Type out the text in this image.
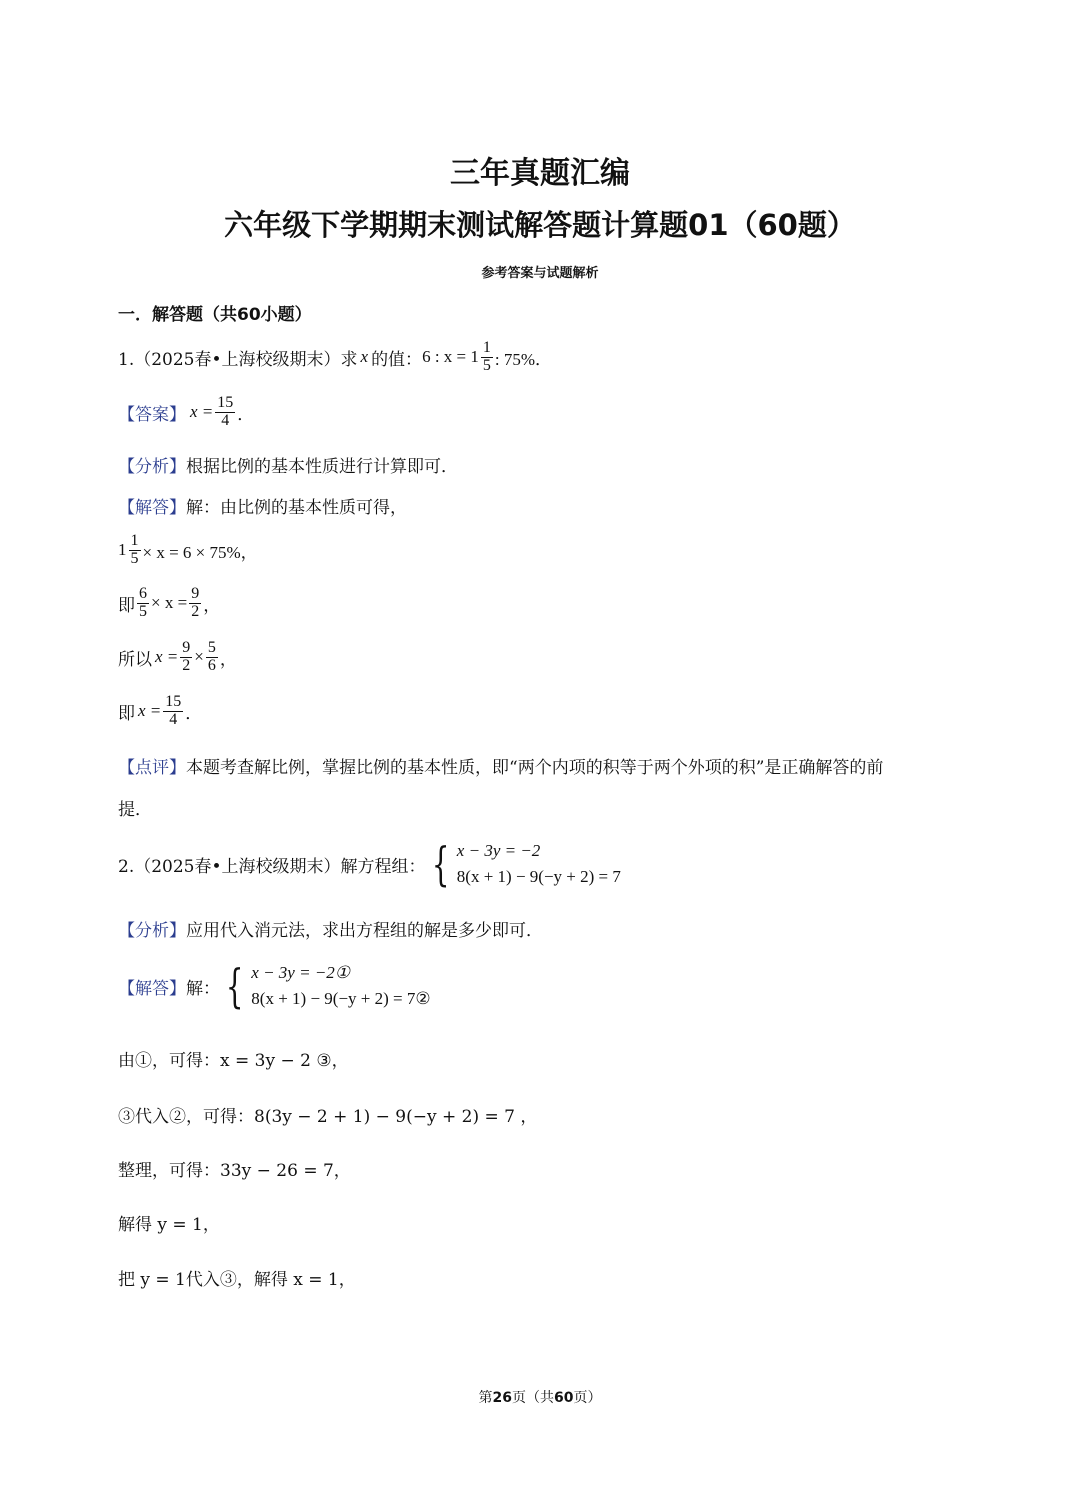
三年真题汇编
六年级下学期期末测试解答题计算题01（60题）
参考答案与试题解析
一．解答题（共60小题）
1.（2025春•上海校级期末）求 x 的值： 6 : $x = 1 \frac{1}{5}$ : 75%．
【答案】 $x = \frac{15}{4}$ ．
【分析】 根据比例的基本性质进行计算即可．
【解答】 解：由比例的基本性质可得，
$1 \frac{1}{5} \times x = 6 \times 75\%$，
即 $\frac{6}{5} \times x = \frac{9}{2}$ ，
所以 $x = \frac{9}{2} \times \frac{5}{6}$ ，
即 $x = \frac{15}{4}$ ．
【点评】 本题考查解比例，掌握比例的基本性质，即“两个内项的积等于两个外项的积”是正确解答的前
提．
2.（2025春•上海校级期末）解方程组： { x − 3y = −2
8(x + 1) − 9(−y + 2) = 7
【分析】 应用代入消元法，求出方程组的解是多少即可．
【解答】 解： { x − 3y = −2①
8(x + 1) − 9(−y + 2) = 7②
由①，可得：x = 3y − 2 ③，
③代入②，可得：8(3y − 2 + 1) − 9(−y + 2) = 7 ，
整理，可得：33y − 26 = 7，
解得 y = 1，
把 y = 1代入③，解得 x = 1，
第26页（共60页）
